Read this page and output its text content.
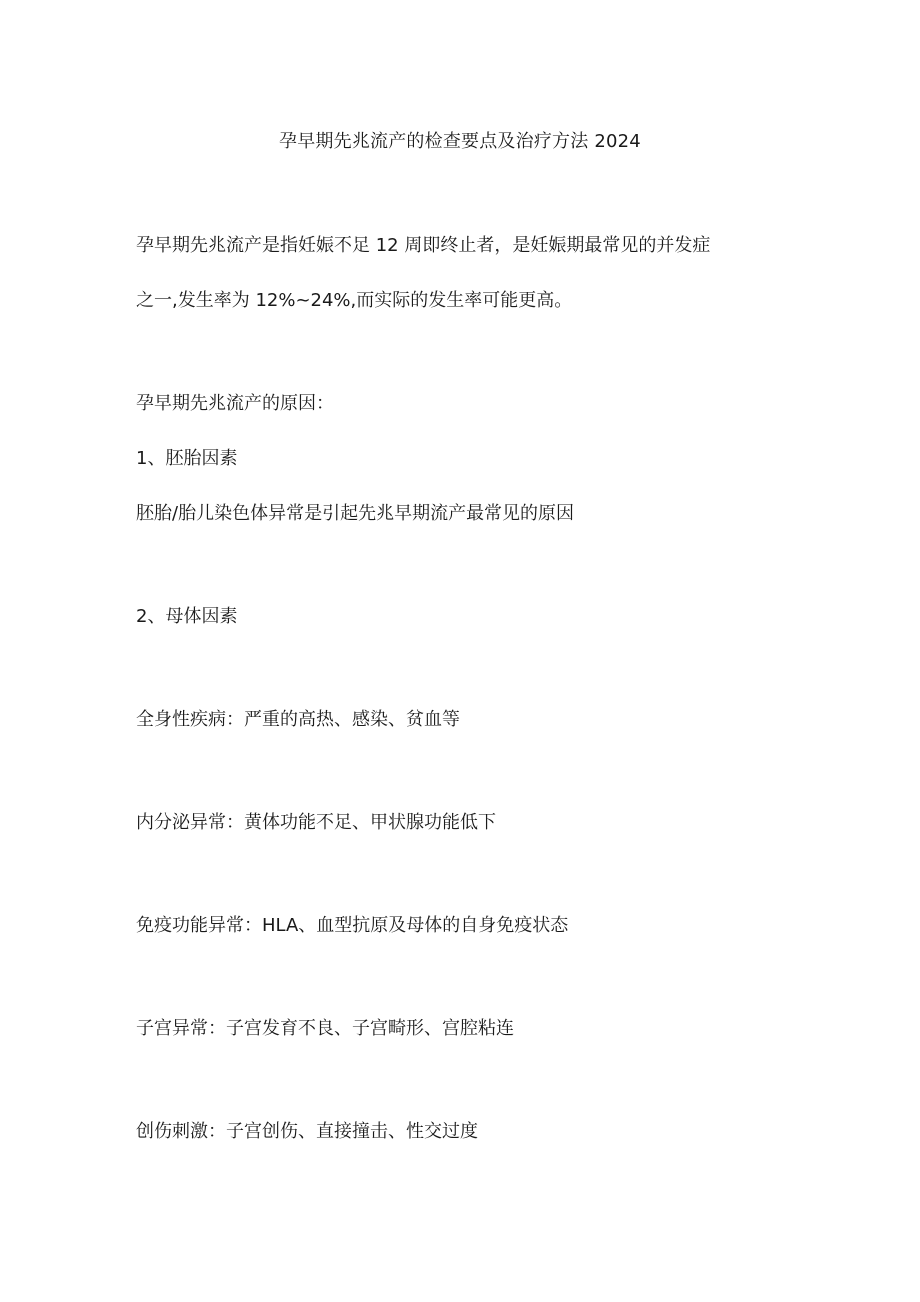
孕早期先兆流产的检查要点及治疗方法 2024
孕早期先兆流产是指妊娠不足 12 周即终止者，是妊娠期最常见的并发症
之一,发生率为 12%~24%,而实际的发生率可能更高。
孕早期先兆流产的原因：
1、胚胎因素
胚胎/胎儿染色体异常是引起先兆早期流产最常见的原因
2、母体因素
全身性疾病：严重的高热、感染、贫血等
内分泌异常：黄体功能不足、甲状腺功能低下
免疫功能异常：HLA、血型抗原及母体的自身免疫状态
子宫异常：子宫发育不良、子宫畸形、宫腔粘连
创伤刺激：子宫创伤、直接撞击、性交过度
